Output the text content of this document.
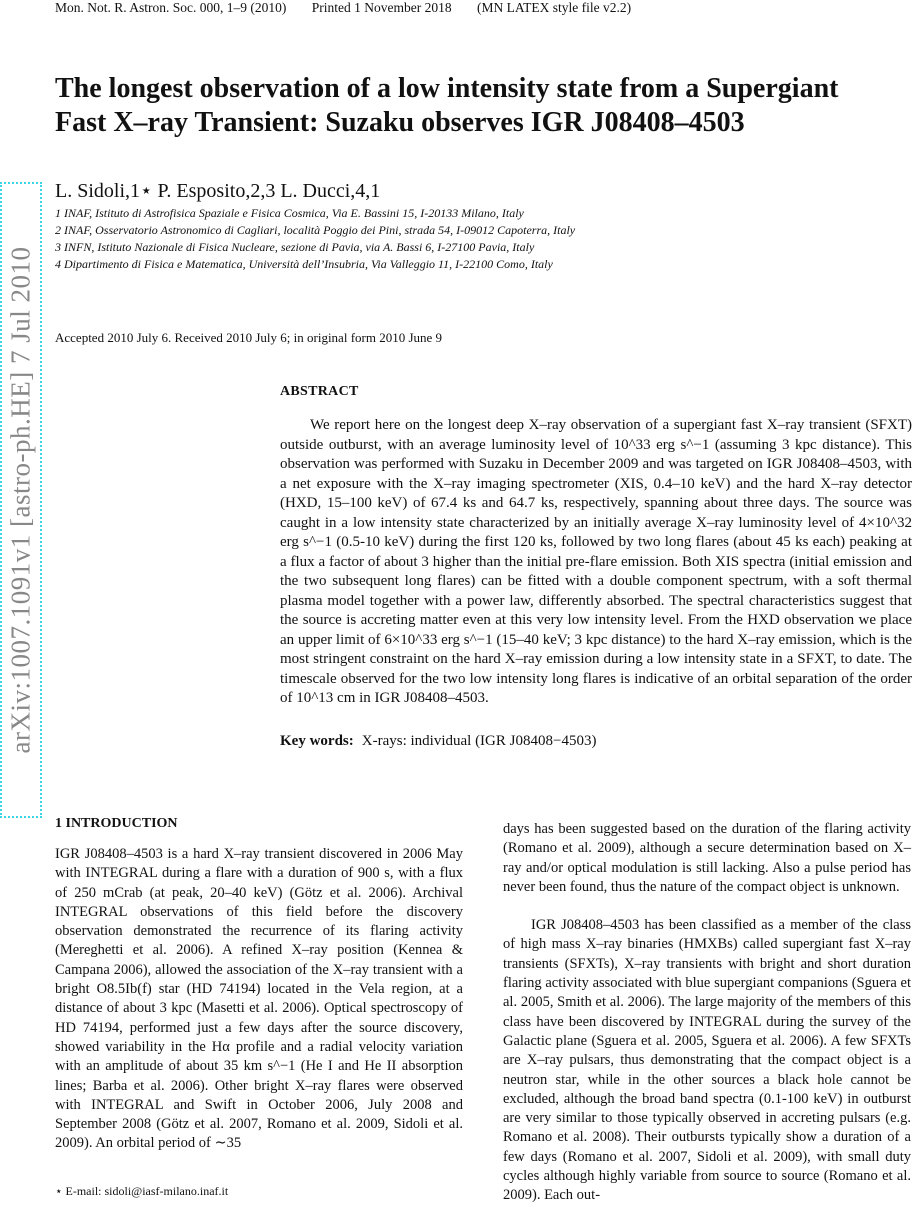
Mon. Not. R. Astron. Soc. 000, 1–9 (2010) Printed 1 November 2018 (MN LATEX style file v2.2)
arXiv:1007.1091v1 [astro-ph.HE] 7 Jul 2010
The longest observation of a low intensity state from a Supergiant Fast X–ray Transient: Suzaku observes IGR J08408–4503
L. Sidoli,1⋆ P. Esposito,2,3 L. Ducci,4,1
1 INAF, Istituto di Astrofisica Spaziale e Fisica Cosmica, Via E. Bassini 15, I-20133 Milano, Italy
2 INAF, Osservatorio Astronomico di Cagliari, località Poggio dei Pini, strada 54, I-09012 Capoterra, Italy
3 INFN, Istituto Nazionale di Fisica Nucleare, sezione di Pavia, via A. Bassi 6, I-27100 Pavia, Italy
4 Dipartimento di Fisica e Matematica, Università dell’Insubria, Via Valleggio 11, I-22100 Como, Italy
Accepted 2010 July 6. Received 2010 July 6; in original form 2010 June 9
ABSTRACT
We report here on the longest deep X–ray observation of a supergiant fast X–ray transient (SFXT) outside outburst, with an average luminosity level of 10^33 erg s^−1 (assuming 3 kpc distance). This observation was performed with Suzaku in December 2009 and was targeted on IGR J08408–4503, with a net exposure with the X–ray imaging spectrometer (XIS, 0.4–10 keV) and the hard X–ray detector (HXD, 15–100 keV) of 67.4 ks and 64.7 ks, respectively, spanning about three days. The source was caught in a low intensity state characterized by an initially average X–ray luminosity level of 4×10^32 erg s^−1 (0.5-10 keV) during the first 120 ks, followed by two long flares (about 45 ks each) peaking at a flux a factor of about 3 higher than the initial pre-flare emission. Both XIS spectra (initial emission and the two subsequent long flares) can be fitted with a double component spectrum, with a soft thermal plasma model together with a power law, differently absorbed. The spectral characteristics suggest that the source is accreting matter even at this very low intensity level. From the HXD observation we place an upper limit of 6×10^33 erg s^−1 (15–40 keV; 3 kpc distance) to the hard X–ray emission, which is the most stringent constraint on the hard X–ray emission during a low intensity state in a SFXT, to date. The timescale observed for the two low intensity long flares is indicative of an orbital separation of the order of 10^13 cm in IGR J08408–4503.
Key words: X-rays: individual (IGR J08408−4503)
1 INTRODUCTION
IGR J08408–4503 is a hard X–ray transient discovered in 2006 May with INTEGRAL during a flare with a duration of 900 s, with a flux of 250 mCrab (at peak, 20–40 keV) (Götz et al. 2006). Archival INTEGRAL observations of this field before the discovery observation demonstrated the recurrence of its flaring activity (Mereghetti et al. 2006). A refined X–ray position (Kennea & Campana 2006), allowed the association of the X–ray transient with a bright O8.5Ib(f) star (HD 74194) located in the Vela region, at a distance of about 3 kpc (Masetti et al. 2006). Optical spectroscopy of HD 74194, performed just a few days after the source discovery, showed variability in the Hα profile and a radial velocity variation with an amplitude of about 35 km s^−1 (He I and He II absorption lines; Barba et al. 2006). Other bright X–ray flares were observed with INTEGRAL and Swift in October 2006, July 2008 and September 2008 (Götz et al. 2007, Romano et al. 2009, Sidoli et al. 2009). An orbital period of ∼35

days has been suggested based on the duration of the flaring activity (Romano et al. 2009), although a secure determination based on X–ray and/or optical modulation is still lacking. Also a pulse period has never been found, thus the nature of the compact object is unknown.

IGR J08408–4503 has been classified as a member of the class of high mass X–ray binaries (HMXBs) called supergiant fast X–ray transients (SFXTs), X–ray transients with bright and short duration flaring activity associated with blue supergiant companions (Sguera et al. 2005, Smith et al. 2006). The large majority of the members of this class have been discovered by INTEGRAL during the survey of the Galactic plane (Sguera et al. 2005, Sguera et al. 2006). A few SFXTs are X–ray pulsars, thus demonstrating that the compact object is a neutron star, while in the other sources a black hole cannot be excluded, although the broad band spectra (0.1-100 keV) in outburst are very similar to those typically observed in accreting pulsars (e.g. Romano et al. 2008). Their outbursts typically show a duration of a few days (Romano et al. 2007, Sidoli et al. 2009), with small duty cycles although highly variable from source to source (Romano et al. 2009). Each out-

⋆ E-mail: sidoli@iasf-milano.inaf.it
